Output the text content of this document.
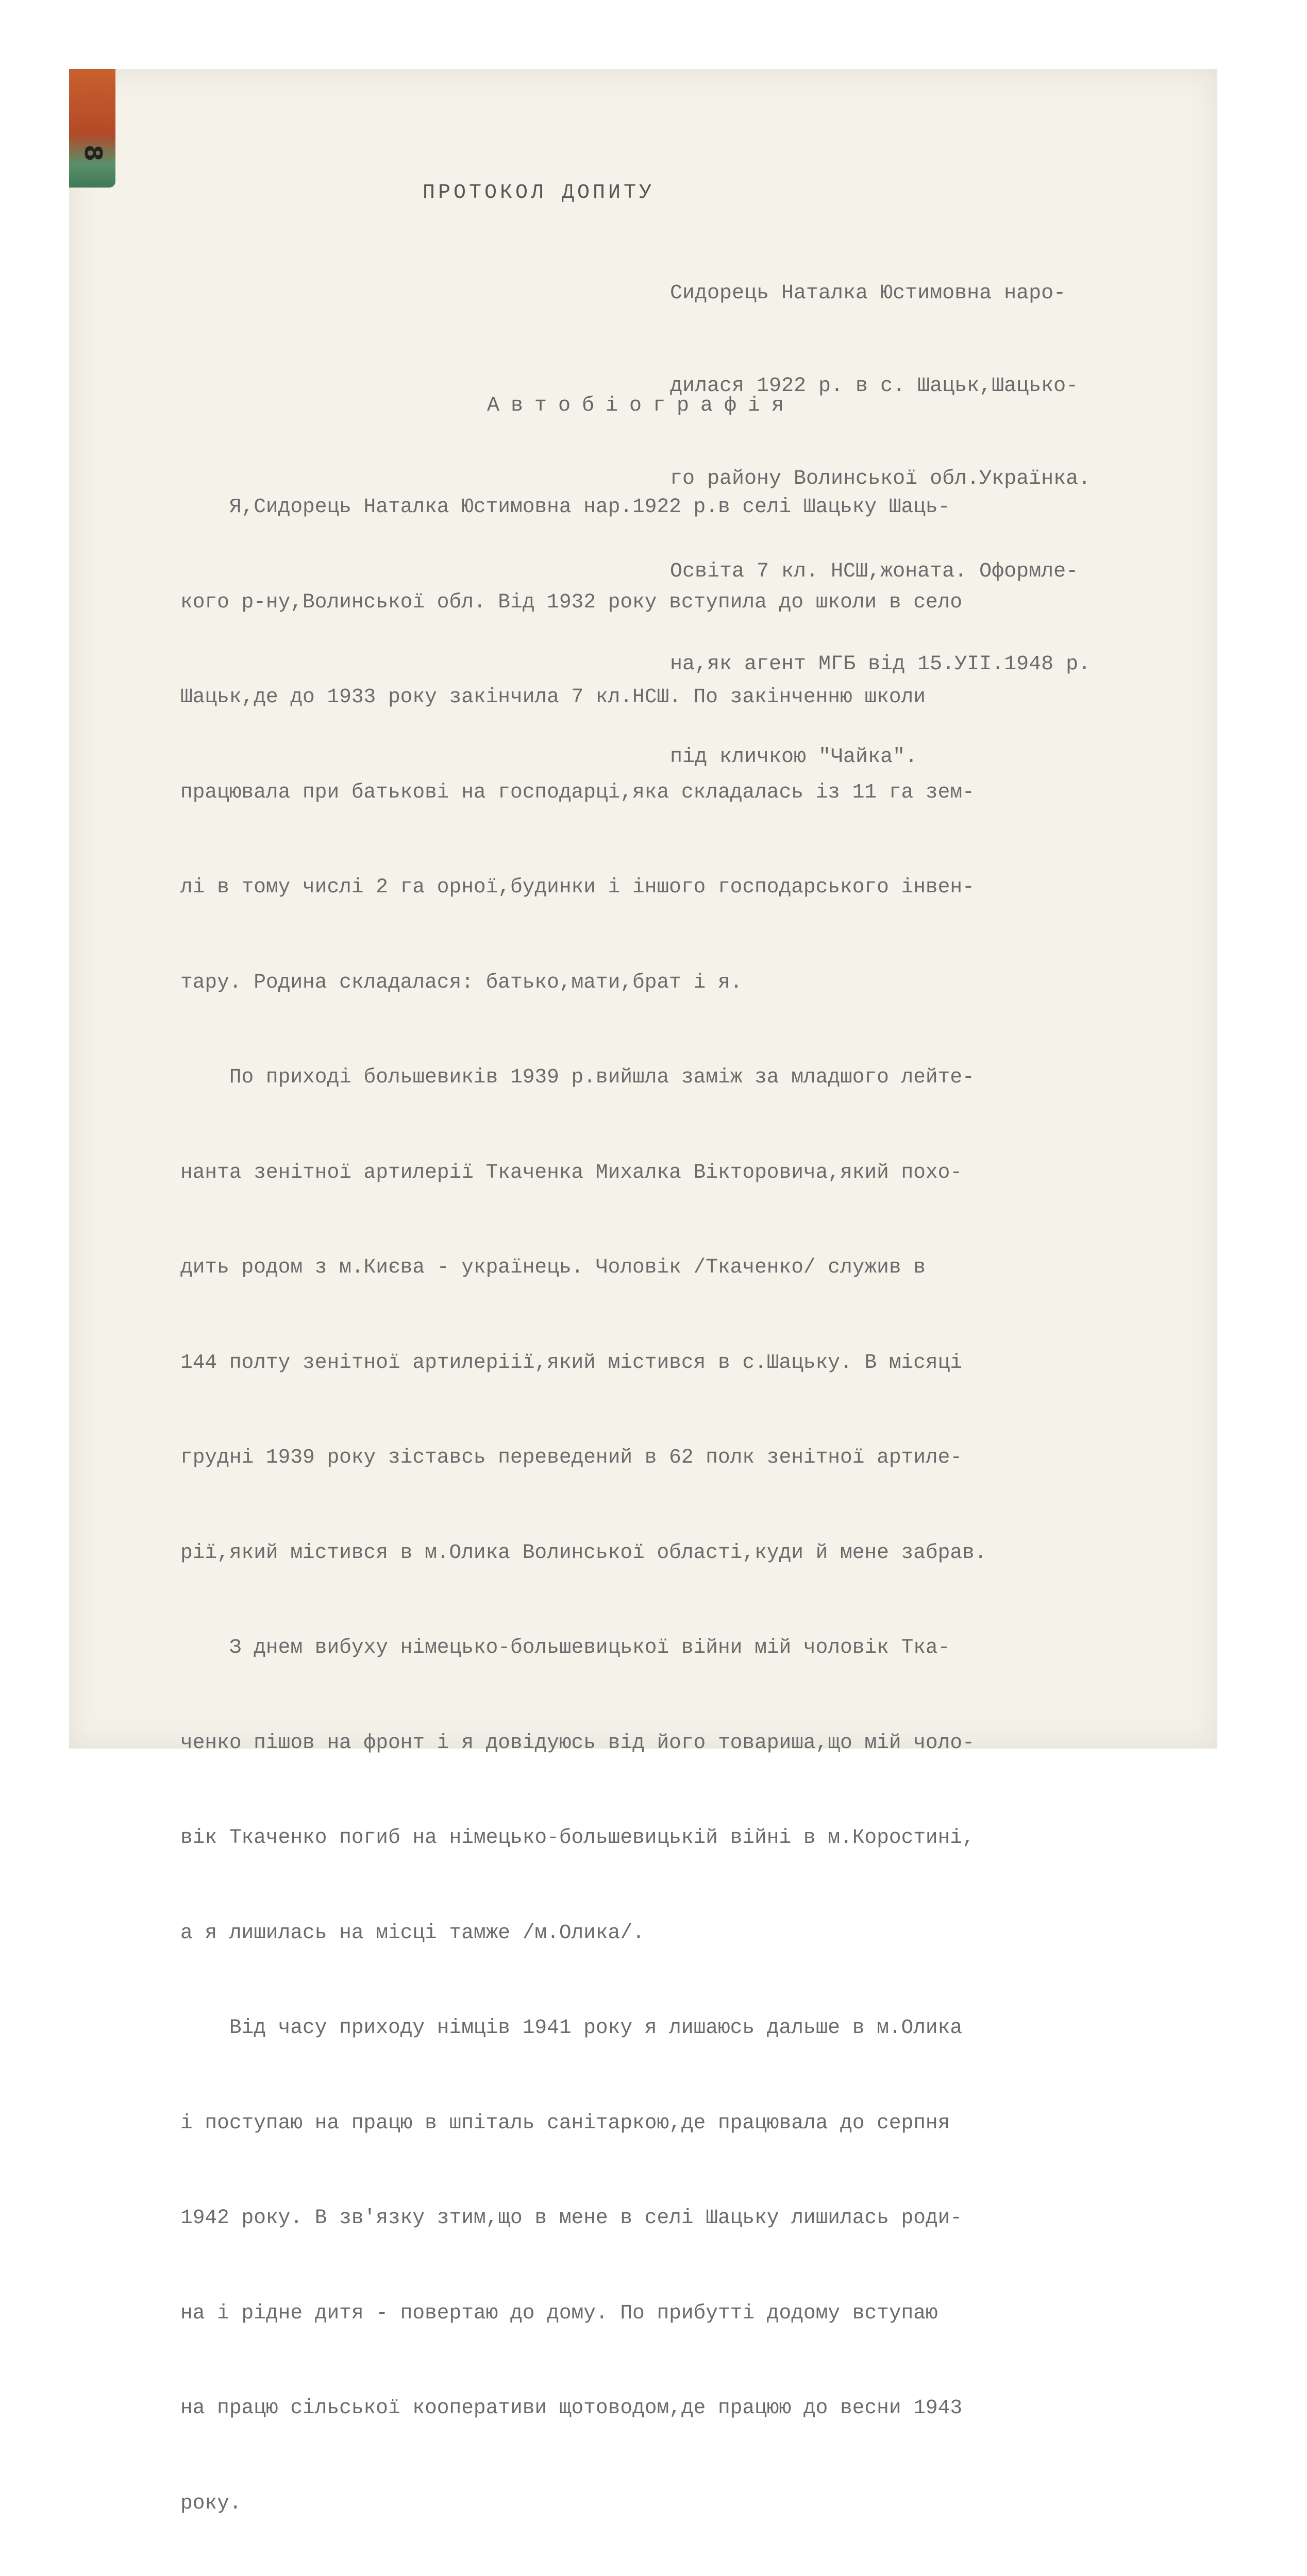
8
ПРОТОКОЛ ДОПИТУ

Сидорець Наталка Юстимовна наро-

дилася 1922 р. в с. Шацьк,Шацько-

го району Волинської обл.Українка.

Освіта 7 кл. НСШ,жоната. Оформле-

на,як агент МГБ від 15.УІІ.1948 р.

під кличкою "Чайка".

Автобіографія

Я,Сидорець Наталка Юстимовна нар.1922 р.в селі Шацьку Шаць-

кого р-ну,Волинської обл. Від 1932 року вступила до школи в село

Шацьк,де до 1933 року закінчила 7 кл.НСШ. По закінченню школи

працювала при батькові на господарці,яка складалась із 11 га зем-

лі в тому числі 2 га орної,будинки і іншого господарського інвен-

тару. Родина складалася: батько,мати,брат і я.

По приході большевиків 1939 р.вийшла заміж за младшого лейте-

нанта зенітної артилерії Ткаченка Михалка Вікторовича,який похо-

дить родом з м.Києва - українець. Чоловік /Ткаченко/ служив в

144 полту зенітної артилеріії,який містився в с.Шацьку. В місяці

грудні 1939 року зіставсь переведений в 62 полк зенітної артиле-

рії,який містився в м.Олика Волинської області,куди й мене забрав.

З днем вибуху німецько-большевицької війни мій чоловік Тка-

ченко пішов на фронт і я довідуюсь від його товариша,що мій чоло-

вік Ткаченко погиб на німецько-большевицькій війні в м.Коростині,

а я лишилась на місці тамже /м.Олика/.

Від часу приходу німців 1941 року я лишаюсь дальше в м.Олика

і поступаю на працю в шпіталь санітаркою,де працювала до серпня

1942 року. В зв'язку зтим,що в мене в селі Шацьку лишилась роди-

на і рідне дитя - повертаю до дому. По прибутті додому вступаю

на працю сільської кооперативи щотоводом,де працюю до весни 1943

року.
